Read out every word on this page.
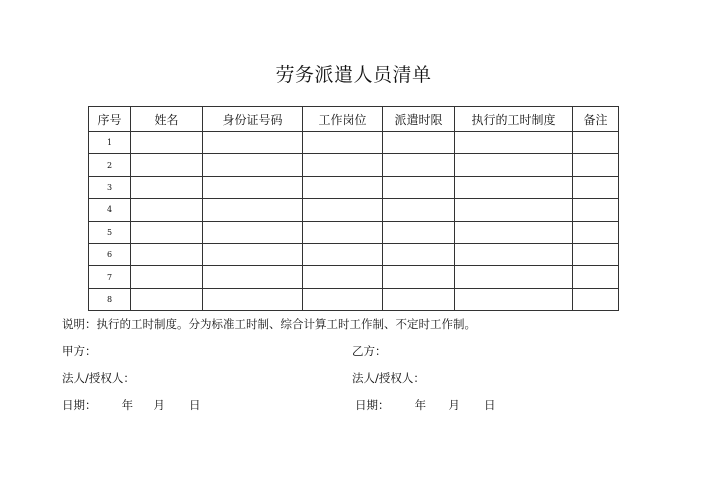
劳务派遣人员清单
序号	姓名	身份证号码	工作岗位	派遣时限	执行的工时制度	备注
1						
2						
3						
4						
5						
6						
7						
8						
说明：执行的工时制度。分为标准工时制、综合计算工时工作制、不定时工作制。
甲方：	乙方：
法人/授权人：	法人/授权人：
日期： 年 月 日	日期： 年 月 日
